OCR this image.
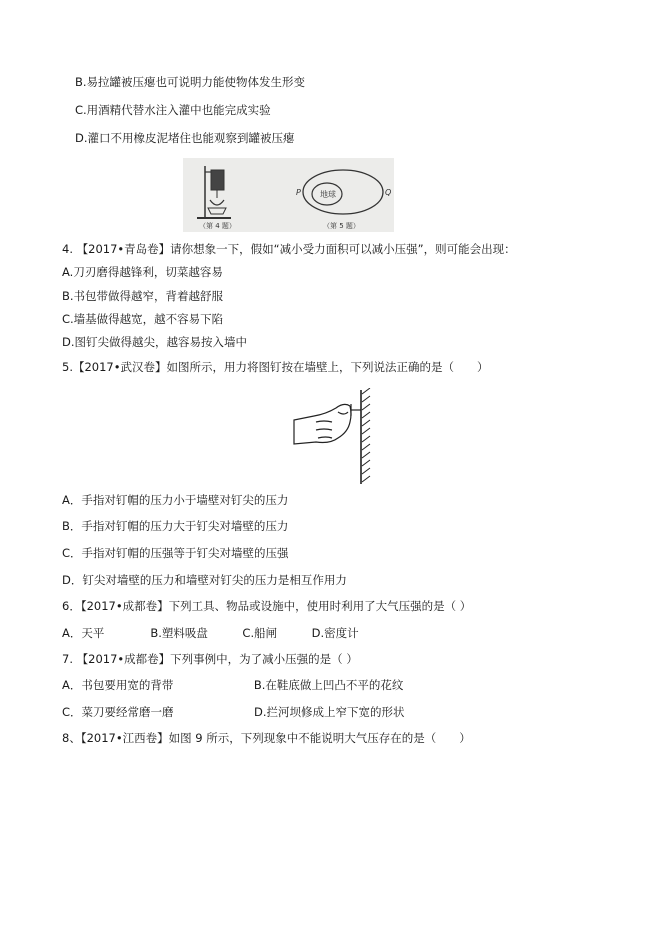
B.易拉罐被压瘪也可说明力能使物体发生形变
C.用酒精代替水注入灌中也能完成实验
D.灌口不用橡皮泥堵住也能观察到罐被压瘪
（第 4 题）
地球
P	Q
（第 5 题）
4. 【2017•青岛卷】请你想象一下，假如“减小受力面积可以减小压强”，则可能会出现：
A.刀刃磨得越锋利，切菜越容易
B.书包带做得越窄，背着越舒服
C.墙基做得越宽，越不容易下陷
D.图钉尖做得越尖，越容易按入墙中
5.【2017•武汉卷】如图所示，用力将图钉按在墙壁上，下列说法正确的是（　　）
A．手指对钉帽的压力小于墙壁对钉尖的压力
B．手指对钉帽的压力大于钉尖对墙壁的压力
C．手指对钉帽的压强等于钉尖对墙壁的压强
D．钉尖对墙壁的压力和墙壁对钉尖的压力是相互作用力
6．【2017•成都卷】下列工具、物品或设施中，使用时利用了大气压强的是（ ）
A．天平　　　　B.塑料吸盘　　　C.船闸　　　D.密度计
7. 【2017•成都卷】下列事例中，为了减小压强的是（ ）
A．书包要用宽的背带　　　　　　　B.在鞋底做上凹凸不平的花纹
C．菜刀要经常磨一磨　　　　　　　D.拦河坝修成上窄下宽的形状
8、【2017•江西卷】如图 9 所示，下列现象中不能说明大气压存在的是（　　）
